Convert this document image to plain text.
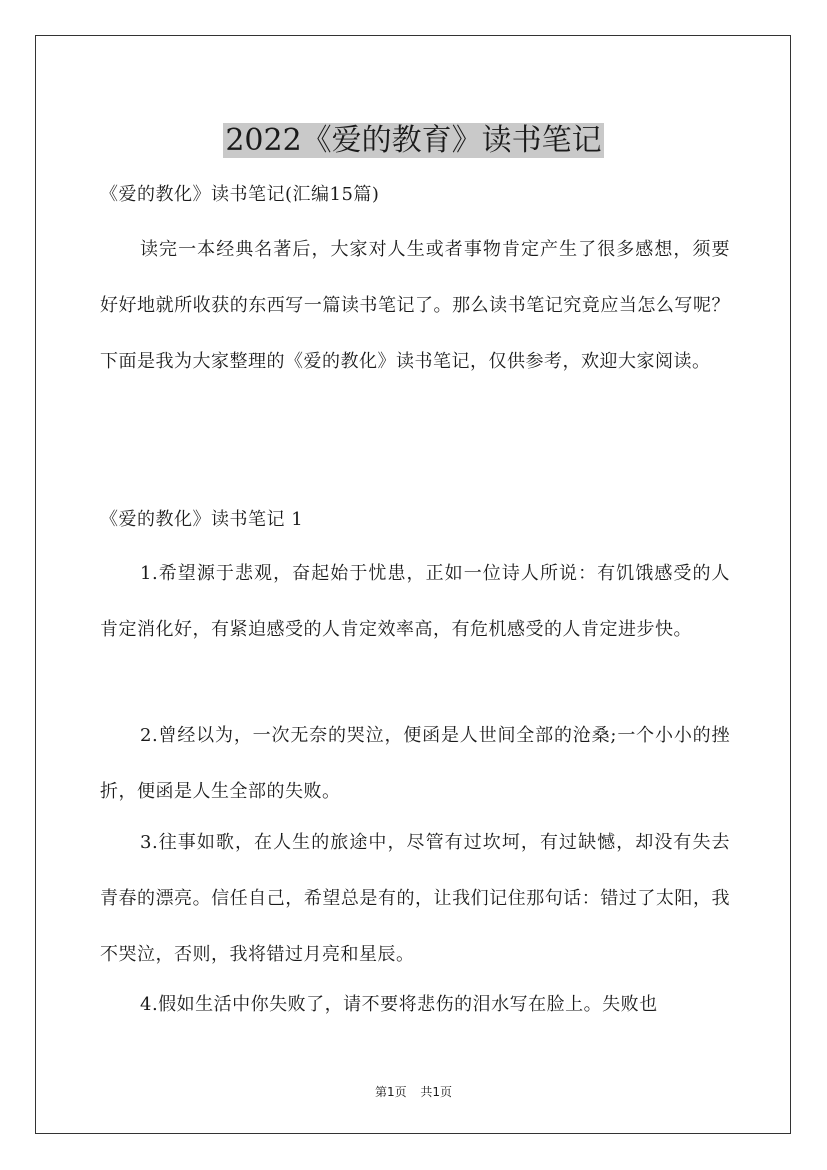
2022《爱的教育》读书笔记

《爱的教化》读书笔记(汇编15篇)

读完一本经典名著后，大家对人生或者事物肯定产生了很多感想，须要好好地就所收获的东西写一篇读书笔记了。那么读书笔记究竟应当怎么写呢？下面是我为大家整理的《爱的教化》读书笔记，仅供参考，欢迎大家阅读。

《爱的教化》读书笔记 1

1.希望源于悲观，奋起始于忧患，正如一位诗人所说：有饥饿感受的人肯定消化好，有紧迫感受的人肯定效率高，有危机感受的人肯定进步快。

2.曾经以为，一次无奈的哭泣，便函是人世间全部的沧桑;一个小小的挫折，便函是人生全部的失败。

3.往事如歌，在人生的旅途中，尽管有过坎坷，有过缺憾，却没有失去青春的漂亮。信任自己，希望总是有的，让我们记住那句话：错过了太阳，我不哭泣，否则，我将错过月亮和星辰。

4.假如生活中你失败了，请不要将悲伤的泪水写在脸上。失败也

第1页 共1页
